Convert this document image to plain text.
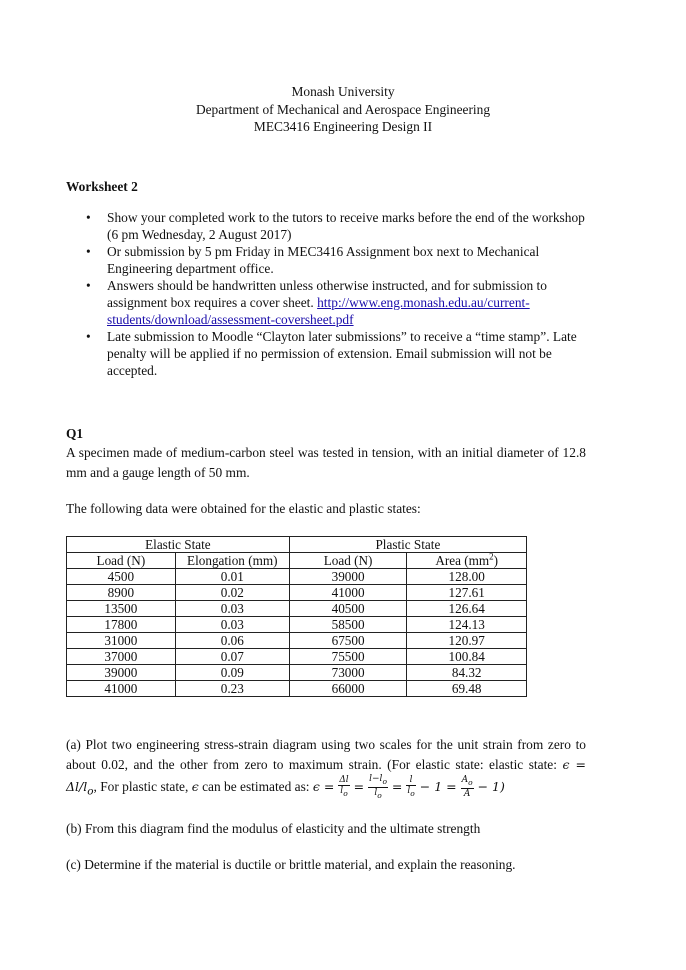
Monash University
Department of Mechanical and Aerospace Engineering
MEC3416 Engineering Design II
Worksheet 2
• Show your completed work to the tutors to receive marks before the end of the workshop (6 pm Wednesday, 2 August 2017)
• Or submission by 5 pm Friday in MEC3416 Assignment box next to Mechanical Engineering department office.
• Answers should be handwritten unless otherwise instructed, and for submission to assignment box requires a cover sheet. http://www.eng.monash.edu.au/current-
students/download/assessment-coversheet.pdf
• Late submission to Moodle “Clayton later submissions” to receive a “time stamp”. Late penalty will be applied if no permission of extension. Email submission will not be accepted.
Q1
A specimen made of medium-carbon steel was tested in tension, with an initial diameter of 12.8 mm and a gauge length of 50 mm.
The following data were obtained for the elastic and plastic states:
Elastic State		Plastic State	
Load (N)	Elongation (mm)	Load (N)	Area $(mm^2)$
4500	0.01	39000	128.00
8900	0.02	41000	127.61
13500	0.03	40500	126.64
17800	0.03	58500	124.13
31000	0.06	67500	120.97
37000	0.07	75500	100.84
39000	0.09	73000	84.32
41000	0.23	66000	69.48
(a) Plot two engineering stress-strain diagram using two scales for the unit strain from zero to about 0.02, and the other from zero to maximum strain. (For elastic state: elastic state: $\epsilon = \Delta l/l_o$, For plastic state, ϵ can be estimated as: $\epsilon = \frac{\Delta l}{l_o} = \frac{l-l_o}{l_o} = \frac{l}{l_o} - 1 = \frac{A_o}{A} - 1$)
(b) From this diagram find the modulus of elasticity and the ultimate strength
(c) Determine if the material is ductile or brittle material, and explain the reasoning.
